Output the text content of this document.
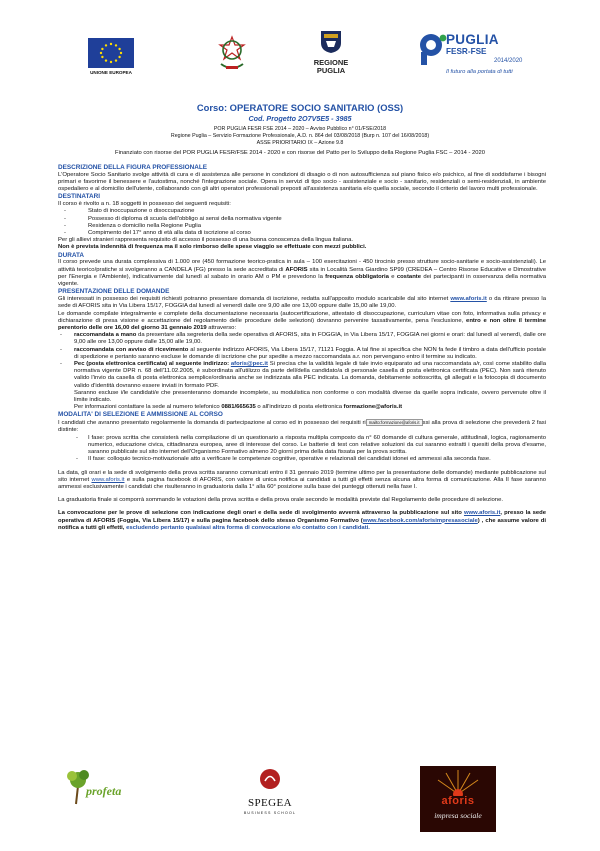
UNIONE EUROPEA
REGIONE
PUGLIA
PUGLIA
FESR-FSE
2014/2020
Il futuro alla portata di tutti
Corso: OPERATORE SOCIO SANITARIO (OSS)
Cod. Progetto 2O7V5E5 - 3985
POR PUGLIA FESR FSE 2014 – 2020 – Avviso Pubblico n° 01/FSE/2018
Regione Puglia – Servizio Formazione Professionale, A.D. n. 864 del 03/08/2018 (Burp n. 107 del 16/08/2018)
ASSE PRIORITARIO IX – Azione 9.8
Finanziato con risorse del POR PUGLIA FESR/FSE 2014 - 2020 e con risorse del Patto per lo Sviluppo della Regione Puglia FSC – 2014 - 2020
DESCRIZIONE DELLA FIGURA PROFESSIONALE

L'Operatore Socio Sanitario svolge attività di cura e di assistenza alle persone in condizioni di disagio o di non autosufficienza sul piano fisico e/o psichico, al fine di soddisfarne i bisogni primari e favorirne il benessere e l'autostima, nonché l'integrazione sociale. Opera in servizi di tipo socio - assistenziale e socio - sanitario, residenziali o semi-residenziali, in ambiente ospedaliero e al domicilio dell'utente, collaborando con gli altri operatori professionali preposti all'assistenza sanitaria e/o quella sociale, secondo il criterio del lavoro multi professionale.

DESTINATARI

Il corso è rivolto a n. 18 soggetti in possesso dei seguenti requisiti:

- Stato di inoccupazione o disoccupazione
- Possesso di diploma di scuola dell'obbligo ai sensi della normativa vigente
- Residenza o domicilio nella Regione Puglia
- Compimento del 17° anno di età alla data di iscrizione al corso

Per gli allievi stranieri rappresenta requisito di accesso il possesso di una buona conoscenza della lingua italiana.

Non è prevista indennità di frequenza ma il solo rimborso delle spese viaggio se effettuate con mezzi pubblici.

DURATA

Il corso prevede una durata complessiva di 1.000 ore (450 formazione teorico-pratica in aula – 100 esercitazioni - 450 tirocinio presso strutture socio-sanitarie e socio-assistenziali). Le attività teorico/pratiche si svolgeranno a CANDELA (FG) presso la sede accreditata di AFORIS sita in Località Serra Giardino SP99 (CREDEA – Centro Risorse Educative e Dimostrative per l'Energia e l'Ambiente), indicativamente dal lunedì al sabato in orario AM o PM e prevedono la frequenza obbligatoria e costante dei partecipanti in osservanza della normativa vigente.

PRESENTAZIONE DELLE DOMANDE

Gli interessati in possesso dei requisiti richiesti potranno presentare domanda di iscrizione, redatta sull'apposito modulo scaricabile dal sito internet www.aforis.it o da ritirare presso la sede di AFORIS sita in Via Libera 15/17, FOGGIA dal lunedì al venerdì dalle ore 9,00 alle ore 13,00 oppure dalle 15,00 alle 19,00.

Le domande compilate integralmente e complete della documentazione necessaria (autocertificazione, attestato di disoccupazione, curriculum vitae con foto, informativa sulla privacy e dichiarazione di presa visione e accettazione del regolamento delle procedure delle selezioni) dovranno pervenire tassativamente, pena l'esclusione, entro e non oltre il termine perentorio delle ore 16,00 del giorno 31 gennaio 2019 attraverso:

- raccomandata a mano da presentare alla segreteria della sede operativa di AFORIS, sita in FOGGIA, in Via Libera 15/17, FOGGIA nei giorni e orari: dal lunedì al venerdì, dalle ore 9,00 alle ore 13,00 oppure dalle 15,00 alle 19,00.
- raccomandata con avviso di ricevimento al seguente indirizzo AFORIS, Via Libera 15/17, 71121 Foggia. A tal fine si specifica che NON fa fede il timbro a data dell'ufficio postale di spedizione e pertanto saranno escluse le domande di iscrizione che pur spedite a mezzo raccomandata a.r. non pervengano entro il termine su indicato.
- Pec (posta elettronica certificata) al seguente indirizzo: aforis@pec.it Si precisa che la validità legale di tale invio equiparato ad una raccomandata a/r, così come stabilito dalla normativa vigente DPR n. 68 dell'11.02.2005, è subordinata all'utilizzo da parte dell/della candidato/a di personale casella di posta elettronica certificata (PEC). Non sarà ritenuto valido l'invio da casella di posta elettronica semplice/ordinaria anche se indirizzata alla PEC indicata. La domanda, debitamente sottoscritta, gli allegati e la fotocopia di documento valido d'identità dovranno essere inviati in formato PDF.
Saranno escluse i/le candidati/e che presenteranno domande incomplete, su modulistica non conforme o con modalità diverse da quelle sopra indicate, ovvero pervenute oltre il limite indicato.
Per informazioni contattare la sede al numero telefonico 0881/665635 o all'indirizzo di posta elettronica formazione@aforis.it
MODALITA' DI SELEZIONE E AMMISSIONE AL CORSO

I candidati che avranno presentato regolarmente la domanda di partecipazione al corso ed in possesso dei requisiti ri mailto:formazione@aforis.it ssi alla prova di selezione che prevederà 2 fasi distinte:

- I fase: prova scritta che consisterà nella compilazione di un questionario a risposta multipla composto da n° 60 domande di cultura generale, attitudinali, logica, ragionamento numerico, educazione civica, cittadinanza europea, aree di interesse del corso. Le batterie di test con relative soluzioni da cui saranno estratti i quesiti della prova d'esame, saranno pubblicate sul sito internet dell'Organismo Formativo almeno 20 giorni prima della data fissata per la prova scritta.
- II fase: colloquio tecnico-motivazionale atto a verificare le competenze cognitive, operative e relazionali dei candidati idonei ed ammessi alla seconda fase.

La data, gli orari e la sede di svolgimento della prova scritta saranno comunicati entro il 31 gennaio 2019 (termine ultimo per la presentazione delle domande) mediante pubblicazione sul sito internet www.aforis.it e sulla pagina facebook di AFORIS, con valore di unica notifica ai candidati a tutti gli effetti senza alcuna altra forma di comunicazione. Alla II fase saranno ammessi esclusivamente i candidati che risulteranno in graduatoria dalla 1° alla 60° posizione sulla base dei punteggi ottenuti nella fase I.

La graduatoria finale si comporrà sommando le votazioni della prova scritta e della prova orale secondo le modalità previste dal Regolamento delle procedure di selezione.

La convocazione per le prove di selezione con indicazione degli orari e della sede di svolgimento avverrà attraverso la pubblicazione sul sito www.aforis.it, presso la sede operativa di AFORIS (Foggia, Via Libera 15/17) e sulla pagina facebook dello stesso Organismo Formativo (www.facebook.com/aforisimpresasociale) , che assume valore di notifica a tutti gli effetti, escludendo pertanto qualsiasi altra forma di convocazione e/o contatto con i candidati.

profeta
SPEGEA
BUSINESS SCHOOL
aforis
impresa sociale
